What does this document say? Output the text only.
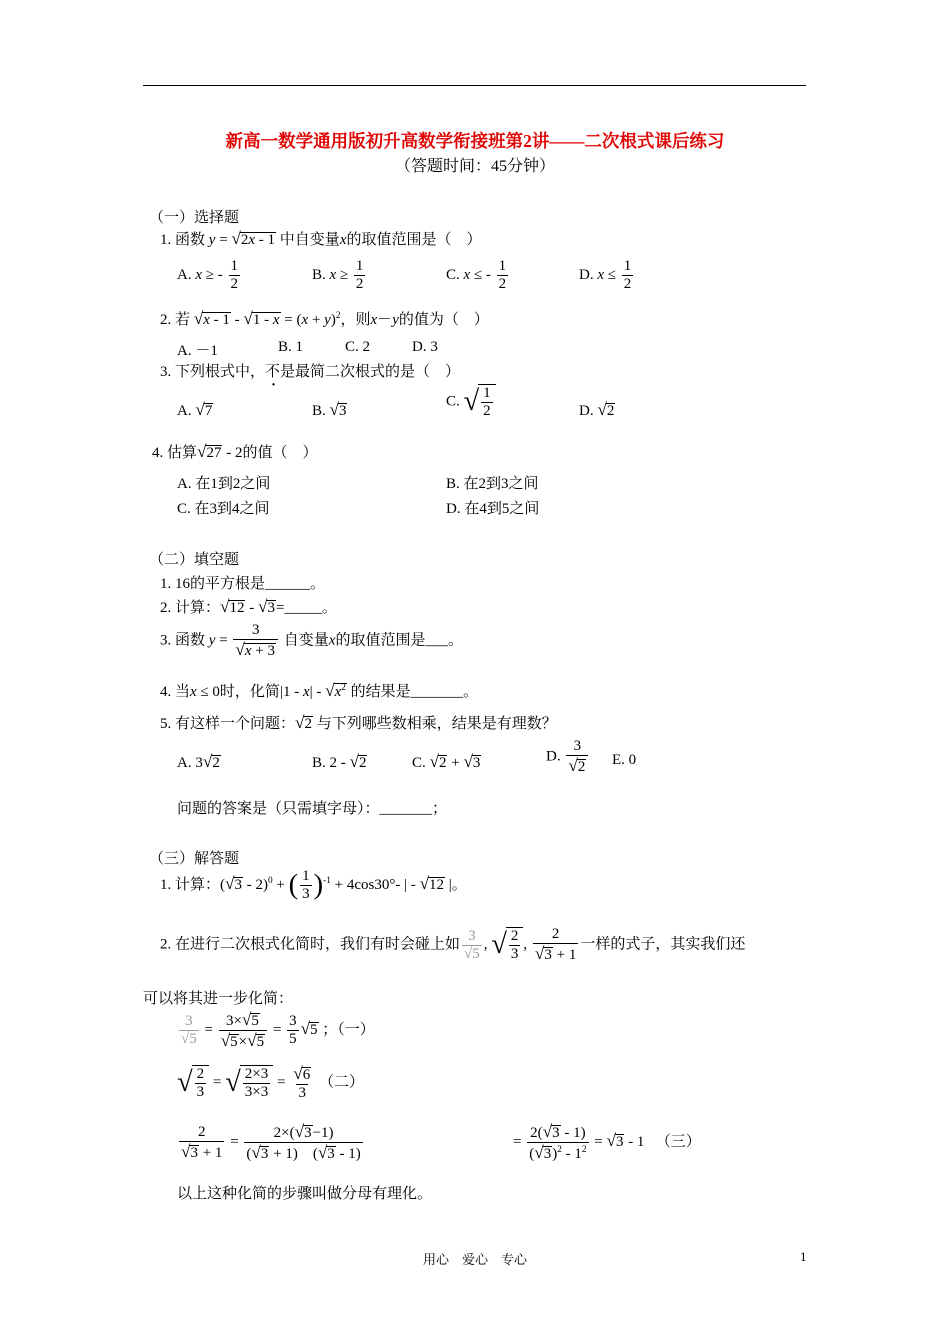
新高一数学通用版初升高数学衔接班第2讲——二次根式课后练习
（答题时间：45分钟）
（一）选择题
1. 函数 y = √2x - 1 中自变量x的取值范围是（　）
A. x ≥ - $\frac{1}{2}$	B. $x \ge \frac{1}{2}$	C. x ≤ - $\frac{1}{2}$	D. $x \le \frac{1}{2}$
2. 若 $√x - 1 - √1 - x = (x + y)^2$，则x－y的值为（　）
A. －1	B. 1	C. 2	D. 3
3. 下列根式中，不是最简二次根式的是（　）
A. √7	B. √3
C. √ $\frac{1}{2}$	D. √2
4. 估算√27 - 2的值（　）
A. 在1到2之间	B. 在2到3之间
C. 在3到4之间	D. 在4到5之间
（二）填空题
1. 16的平方根是______。
2. 计算：√12 - √3=_____。
3. 函数 $y = \frac{3}{√x + 3}$ 自变量x的取值范围是___。
4. 当x ≤ 0时，化简$|1 - x| - √x^2$ 的结果是_______。
5. 有这样一个问题：√2 与下列哪些数相乘，结果是有理数？
A. 3√2	B. 2 - √2	C. √2 + √3	D. $\frac{3}{√2} E$. 0
问题的答案是（只需填字母）：_______；
（三）解答题
1. 计算：(√3 - 2)$^0$ + ( $\frac{1}{3} )^{-1} + 4\cos 30^\circ-$ | - √12 |。
2. 在进行二次根式化简时，我们有时会碰上如 $\frac{3}{√5}$ , √ $\frac{2}{3}$ , $\frac{2}{√3 + 1}$ 一样的式子，其实我们还
可以将其进一步化简：
$\frac{3}{√5} = \frac{3\times√5}{√5\times√5} = \frac{3}{5} √5$ ；（一）
√ $\frac{2}{3}$ = √ $\frac{2\times 3}{3\times 3} = \frac{√6}{3}$ （二）
$\frac{2}{√3 + 1} = \frac{2\times(√3-1)}{(√3 + 1) (√3 - 1)}$	= $\frac{2(√3 - 1)}{(√3)^2 - 1^2} = √3 - 1$ 　（三）
以上这种化简的步骤叫做分母有理化。
用心　爱心　专心	1
